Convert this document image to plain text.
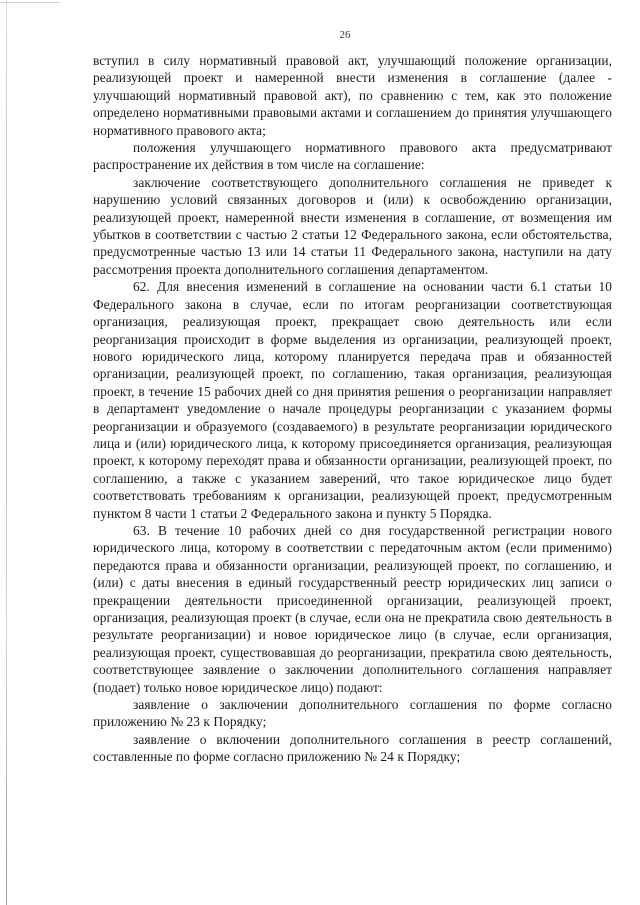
26

вступил в силу нормативный правовой акт, улучшающий положение организации, реализующей проект и намеренной внести изменения в соглашение (далее - улучшающий нормативный правовой акт), по сравнению с тем, как это положение определено нормативными правовыми актами и соглашением до принятия улучшающего нормативного правового акта;

положения улучшающего нормативного правового акта предусматривают распространение их действия в том числе на соглашение:

заключение соответствующего дополнительного соглашения не приведет к нарушению условий связанных договоров и (или) к освобождению организации, реализующей проект, намеренной внести изменения в соглашение, от возмещения им убытков в соответствии с частью 2 статьи 12 Федерального закона, если обстоятельства, предусмотренные частью 13 или 14 статьи 11 Федерального закона, наступили на дату рассмотрения проекта дополнительного соглашения департаментом.

62. Для внесения изменений в соглашение на основании части 6.1 статьи 10 Федерального закона в случае, если по итогам реорганизации соответствующая организация, реализующая проект, прекращает свою деятельность или если реорганизация происходит в форме выделения из организации, реализующей проект, нового юридического лица, которому планируется передача прав и обязанностей организации, реализующей проект, по соглашению, такая организация, реализующая проект, в течение 15 рабочих дней со дня принятия решения о реорганизации направляет в департамент уведомление о начале процедуры реорганизации с указанием формы реорганизации и образуемого (создаваемого) в результате реорганизации юридического лица и (или) юридического лица, к которому присоединяется организация, реализующая проект, к которому переходят права и обязанности организации, реализующей проект, по соглашению, а также с указанием заверений, что такое юридическое лицо будет соответствовать требованиям к организации, реализующей проект, предусмотренным пунктом 8 части 1 статьи 2 Федерального закона и пункту 5 Порядка.

63. В течение 10 рабочих дней со дня государственной регистрации нового юридического лица, которому в соответствии с передаточным актом (если применимо) передаются права и обязанности организации, реализующей проект, по соглашению, и (или) с даты внесения в единый государственный реестр юридических лиц записи о прекращении деятельности присоединенной организации, реализующей проект, организация, реализующая проект (в случае, если она не прекратила свою деятельность в результате реорганизации) и новое юридическое лицо (в случае, если организация, реализующая проект, существовавшая до реорганизации, прекратила свою деятельность, соответствующее заявление о заключении дополнительного соглашения направляет (подает) только новое юридическое лицо) подают:

заявление о заключении дополнительного соглашения по форме согласно приложению № 23 к Порядку;

заявление о включении дополнительного соглашения в реестр соглашений, составленные по форме согласно приложению № 24 к Порядку;
